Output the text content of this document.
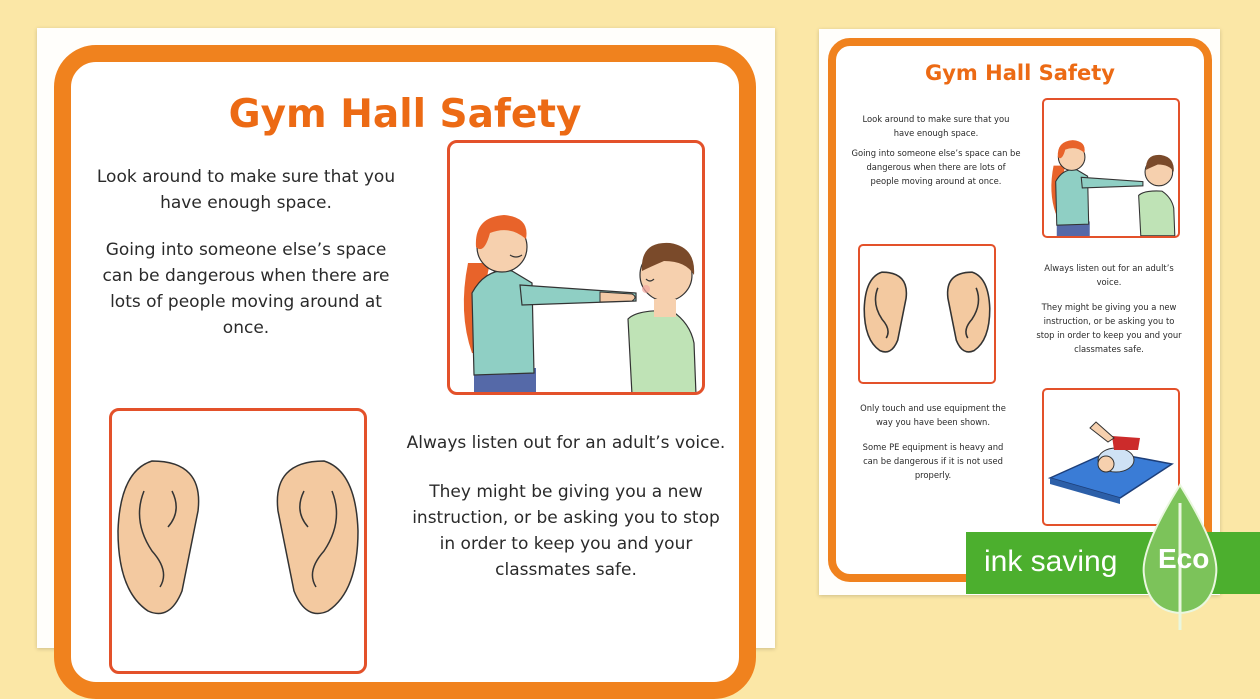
Gym Hall Safety

Look around to make sure that you have enough space.

Going into someone else’s space can be dangerous when there are lots of people moving around at once.

Always listen out for an adult’s voice.

They might be giving you a new instruction, or be asking you to stop in order to keep you and your classmates safe.

Gym Hall Safety

Look around to make sure that you have enough space.

Going into someone else’s space can be dangerous when there are lots of people moving around at once.

Always listen out for an adult’s voice.

They might be giving you a new instruction, or be asking you to stop in order to keep you and your classmates safe.

Only touch and use equipment the way you have been shown.

Some PE equipment is heavy and can be dangerous if it is not used properly.

ink saving Eco
